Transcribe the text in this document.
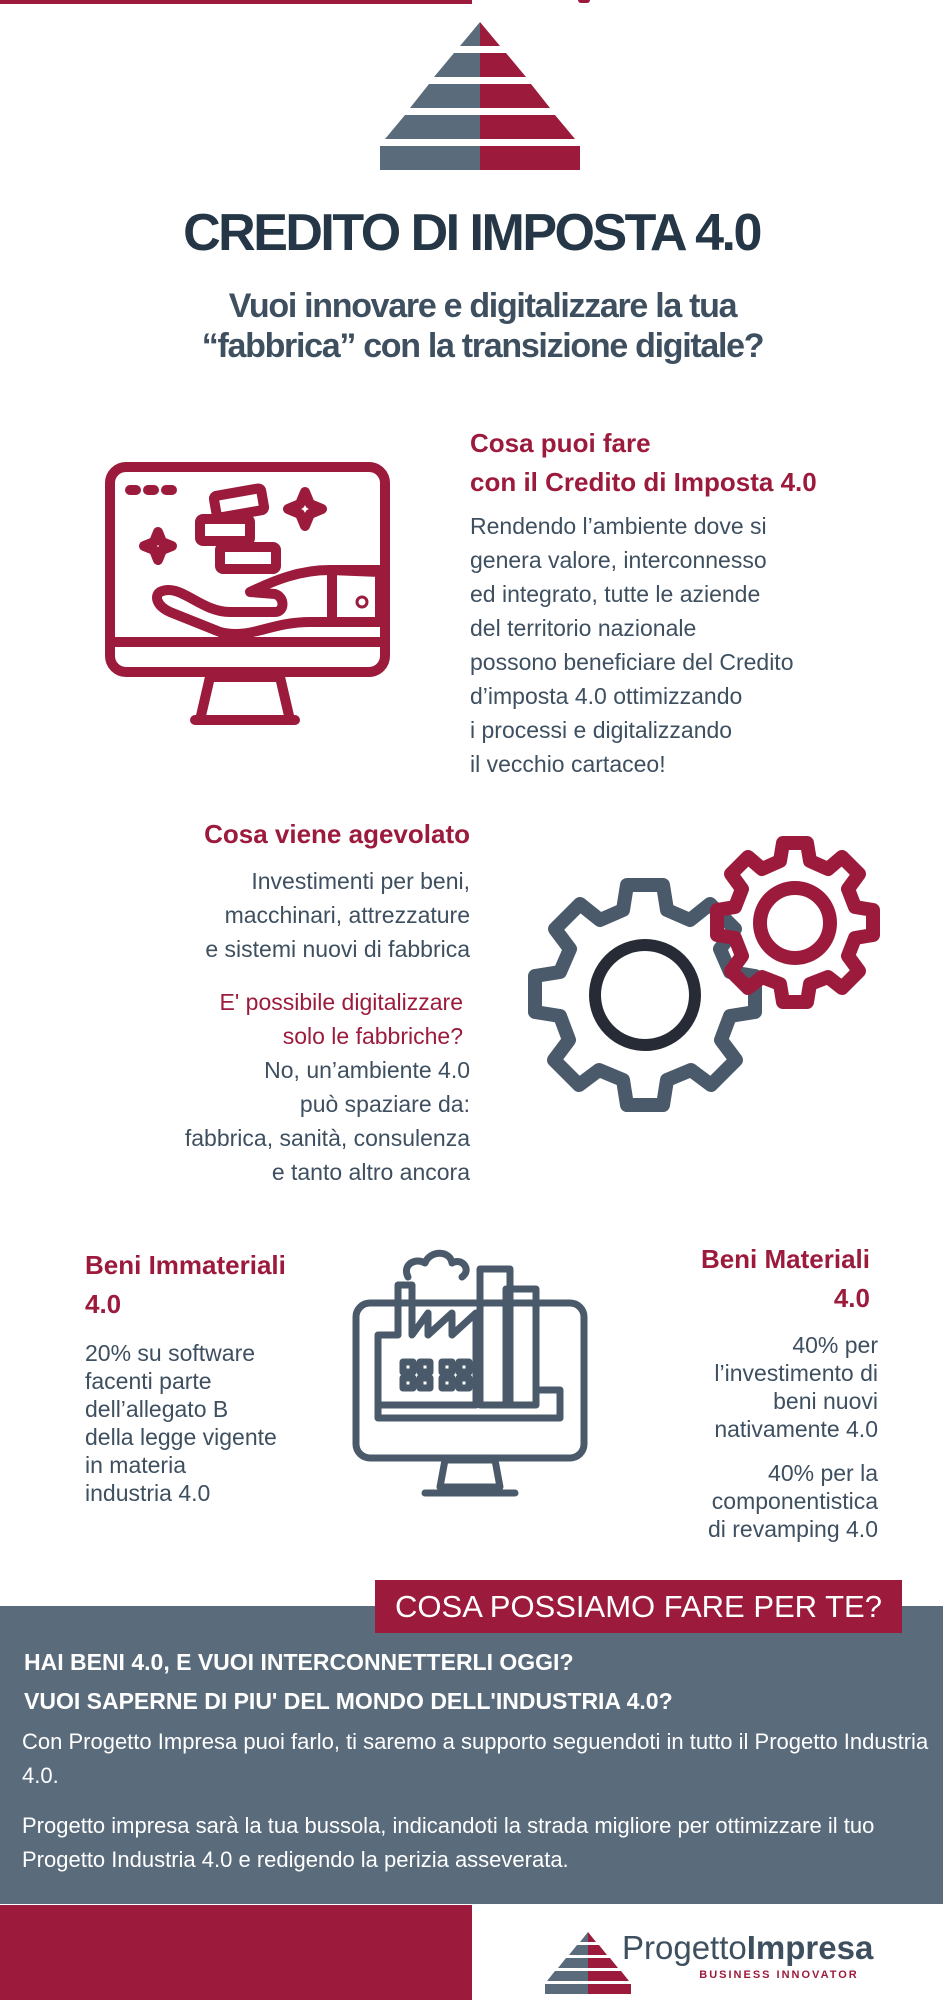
CREDITO DI IMPOSTA 4.0
Vuoi innovare e digitalizzare la tua “fabbrica” con la transizione digitale?
Cosa puoi fare
con il Credito di Imposta 4.0
Rendendo l’ambiente dove si
genera valore, interconnesso
ed integrato, tutte le aziende
del territorio nazionale
possono beneficiare del Credito
d’imposta 4.0 ottimizzando
i processi e digitalizzando
il vecchio cartaceo!
Cosa viene agevolato
Investimenti per beni,
macchinari, attrezzature
e sistemi nuovi di fabbrica
E' possibile digitalizzare
solo le fabbriche?
No, un’ambiente 4.0
può spaziare da:
fabbrica, sanità, consulenza
e tanto altro ancora
Beni Immateriali
4.0
20% su software
facenti parte
dell’allegato B
della legge vigente
in materia
industria 4.0
Beni Materiali
4.0
40% per
l’investimento di
beni nuovi
nativamente 4.0
40% per la
componentistica
di revamping 4.0
COSA POSSIAMO FARE PER TE?
HAI BENI 4.0, E VUOI INTERCONNETTERLI OGGI?
VUOI SAPERNE DI PIU' DEL MONDO DELL'INDUSTRIA 4.0?
Con Progetto Impresa puoi farlo, ti saremo a supporto seguendoti in tutto il Progetto Industria 4.0.
Progetto impresa sarà la tua bussola, indicandoti la strada migliore per ottimizzare il tuo Progetto Industria 4.0 e redigendo la perizia asseverata.
ProgettoImpresa
BUSINESS INNOVATOR
